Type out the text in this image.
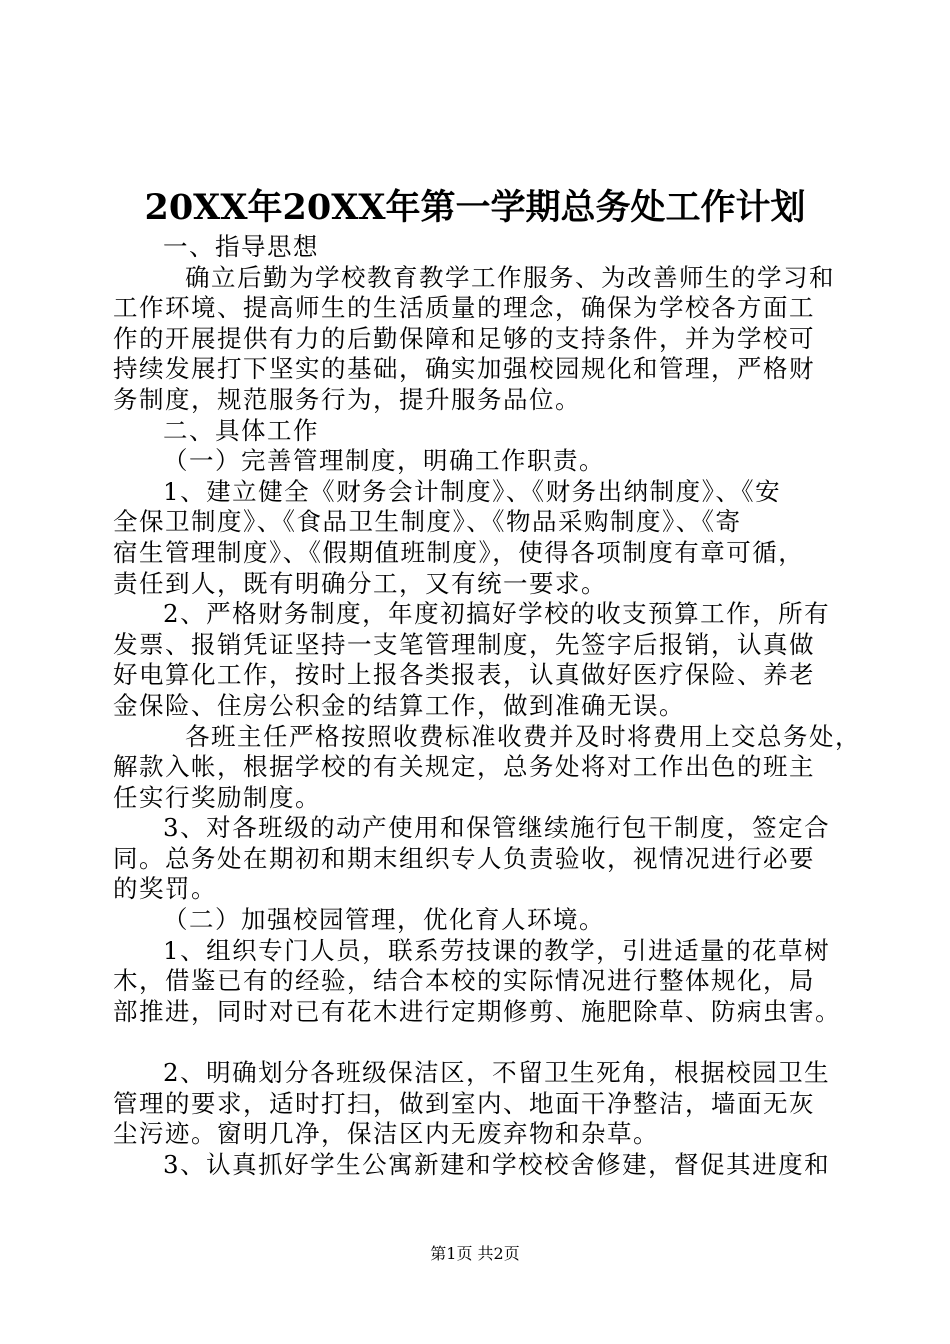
20XX年20XX年第一学期总务处工作计划
一、指导思想
确立后勤为学校教育教学工作服务、为改善师生的学习和
工作环境、提高师生的生活质量的理念，确保为学校各方面工
作的开展提供有力的后勤保障和足够的支持条件，并为学校可
持续发展打下坚实的基础，确实加强校园规化和管理，严格财
务制度，规范服务行为，提升服务品位。
二、具体工作
（一）完善管理制度，明确工作职责。
1、建立健全《财务会计制度》、《财务出纳制度》、《安
全保卫制度》、《食品卫生制度》、《物品采购制度》、《寄
宿生管理制度》、《假期值班制度》，使得各项制度有章可循，
责任到人，既有明确分工，又有统一要求。
2、严格财务制度，年度初搞好学校的收支预算工作，所有
发票、报销凭证坚持一支笔管理制度，先签字后报销，认真做
好电算化工作，按时上报各类报表，认真做好医疗保险、养老
金保险、住房公积金的结算工作，做到准确无误。
各班主任严格按照收费标准收费并及时将费用上交总务处，
解款入帐，根据学校的有关规定，总务处将对工作出色的班主
任实行奖励制度。
3、对各班级的动产使用和保管继续施行包干制度，签定合
同。总务处在期初和期末组织专人负责验收，视情况进行必要
的奖罚。
（二）加强校园管理，优化育人环境。
1、组织专门人员，联系劳技课的教学，引进适量的花草树
木，借鉴已有的经验，结合本校的实际情况进行整体规化，局
部推进，同时对已有花木进行定期修剪、施肥除草、防病虫害。
2、明确划分各班级保洁区，不留卫生死角，根据校园卫生
管理的要求，适时打扫，做到室内、地面干净整洁，墙面无灰
尘污迹。窗明几净，保洁区内无废弃物和杂草。
3、认真抓好学生公寓新建和学校校舍修建，督促其进度和
第1页 共2页
